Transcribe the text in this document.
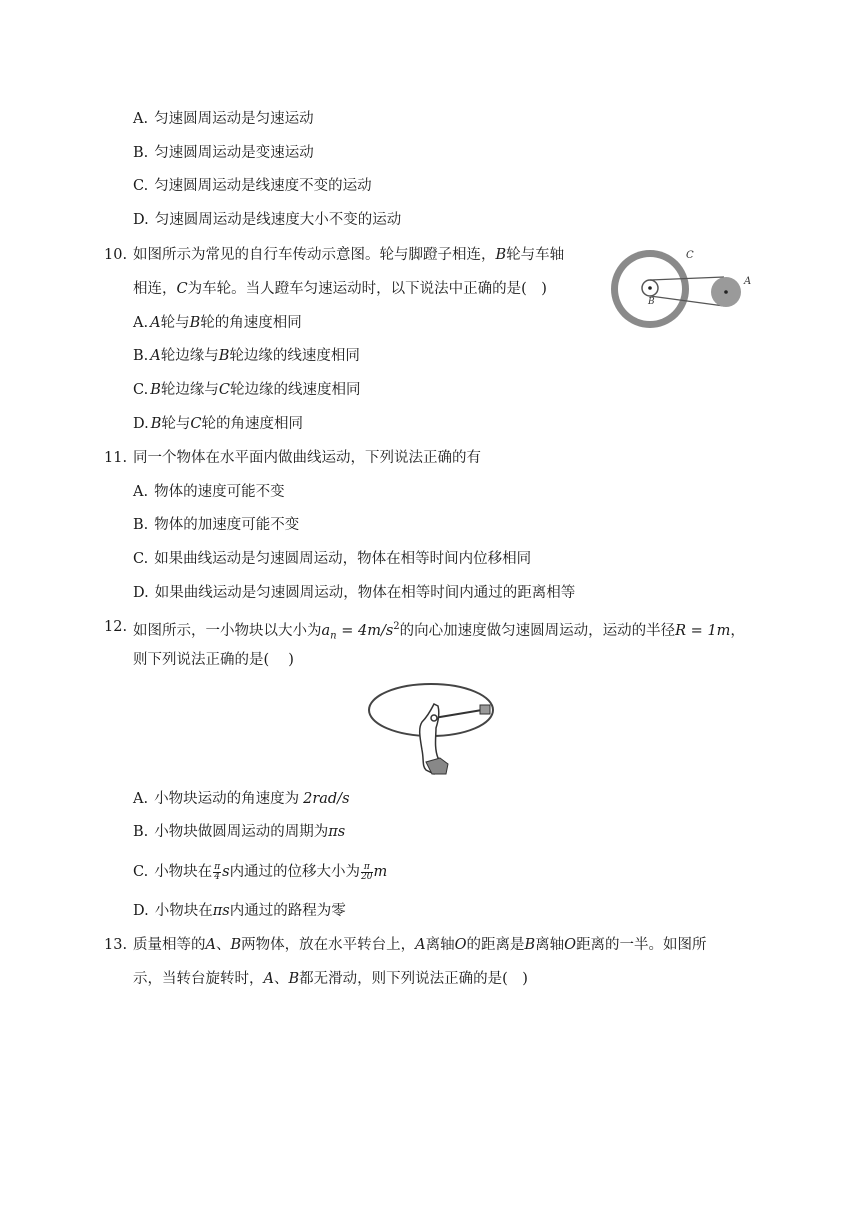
A. 匀速圆周运动是匀速运动
B. 匀速圆周运动是变速运动
C. 匀速圆周运动是线速度不变的运动
D. 匀速圆周运动是线速度大小不变的运动
10. 如图所示为常见的自行车传动示意图。轮与脚蹬子相连，B轮与车轴
相连，C为车轮。当人蹬车匀速运动时，以下说法中正确的是(　)
C
A
B
A. A轮与B轮的角速度相同
B. A轮边缘与B轮边缘的线速度相同
C. B轮边缘与C轮边缘的线速度相同
D. B轮与C轮的角速度相同
11. 同一个物体在水平面内做曲线运动，下列说法正确的有
A. 物体的速度可能不变
B. 物体的加速度可能不变
C. 如果曲线运动是匀速圆周运动，物体在相等时间内位移相同
D. 如果曲线运动是匀速圆周运动，物体在相等时间内通过的距离相等
12. 如图所示，一小物块以大小为$a_n = 4m/s^2$的向心加速度做匀速圆周运动，运动的半径R = 1m，
则下列说法正确的是(　 )
A. 小物块运动的角速度为 2rad/s
B. 小物块做圆周运动的周期为πs
C. 小物块在 $\frac{\pi}{4}$ s内通过的位移大小为 $\frac{\pi}{20}$ m
D. 小物块在πs内通过的路程为零
13. 质量相等的A、B两物体，放在水平转台上，A离轴O的距离是B离轴O距离的一半。如图所
示，当转台旋转时，A、B都无滑动，则下列说法正确的是(　)
